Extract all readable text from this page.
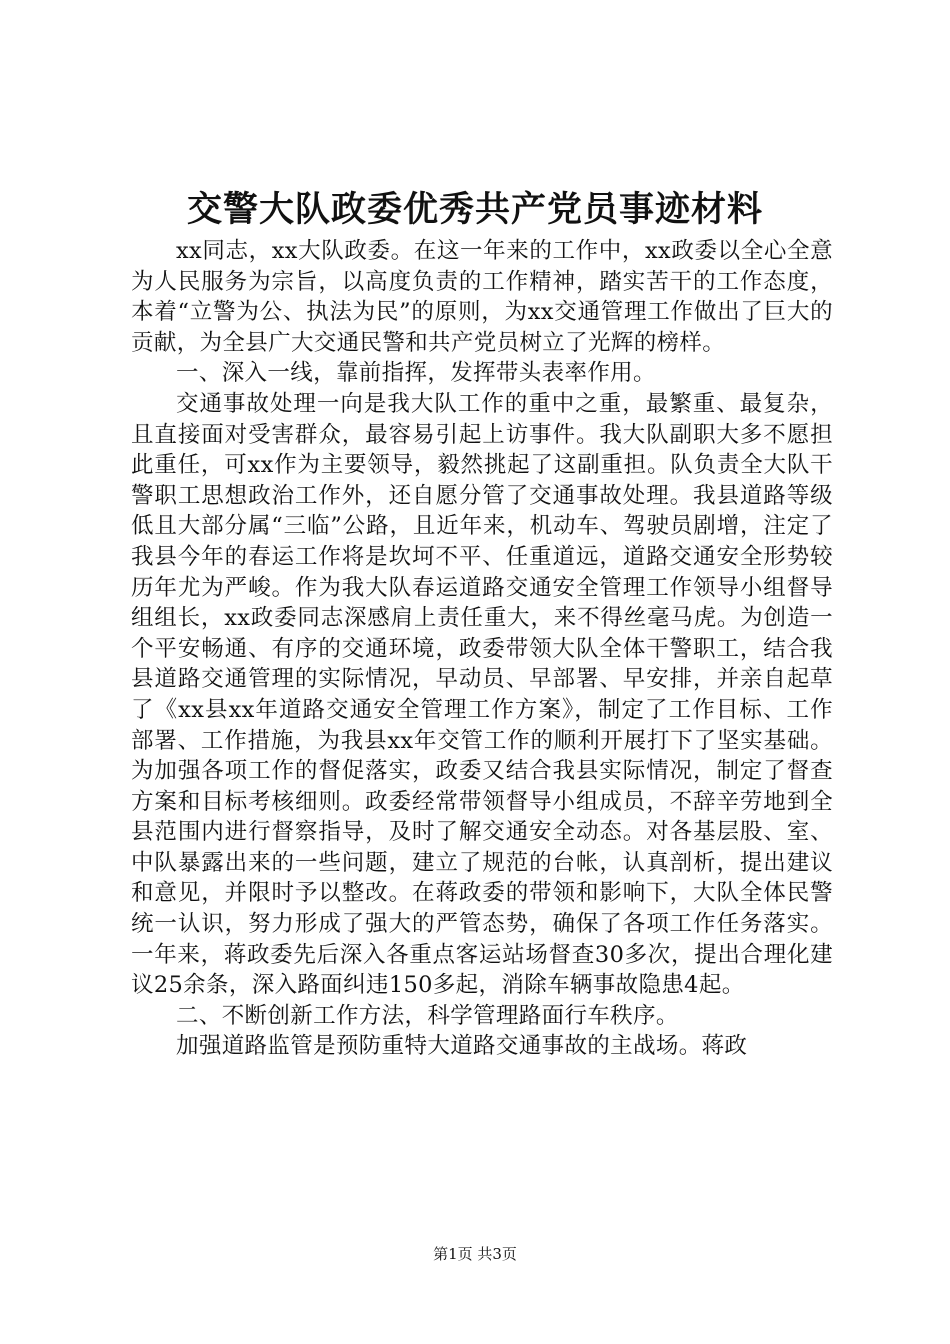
交警大队政委优秀共产党员事迹材料

xx同志，xx大队政委。在这一年来的工作中，xx政委以全心全意为人民服务为宗旨，以高度负责的工作精神，踏实苦干的工作态度，本着“立警为公、执法为民”的原则，为xx交通管理工作做出了巨大的贡献，为全县广大交通民警和共产党员树立了光辉的榜样。

一、深入一线，靠前指挥，发挥带头表率作用。

交通事故处理一向是我大队工作的重中之重，最繁重、最复杂，且直接面对受害群众，最容易引起上访事件。我大队副职大多不愿担此重任，可xx作为主要领导，毅然挑起了这副重担。队负责全大队干警职工思想政治工作外，还自愿分管了交通事故处理。我县道路等级低且大部分属“三临”公路，且近年来，机动车、驾驶员剧增，注定了我县今年的春运工作将是坎坷不平、任重道远，道路交通安全形势较历年尤为严峻。作为我大队春运道路交通安全管理工作领导小组督导组组长，xx政委同志深感肩上责任重大，来不得丝毫马虎。为创造一个平安畅通、有序的交通环境，政委带领大队全体干警职工，结合我县道路交通管理的实际情况，早动员、早部署、早安排，并亲自起草了《xx县xx年道路交通安全管理工作方案》，制定了工作目标、工作部署、工作措施，为我县xx年交管工作的顺利开展打下了坚实基础。为加强各项工作的督促落实，政委又结合我县实际情况，制定了督查方案和目标考核细则。政委经常带领督导小组成员，不辞辛劳地到全县范围内进行督察指导，及时了解交通安全动态。对各基层股、室、中队暴露出来的一些问题，建立了规范的台帐，认真剖析，提出建议和意见，并限时予以整改。在蒋政委的带领和影响下，大队全体民警统一认识，努力形成了强大的严管态势，确保了各项工作任务落实。一年来，蒋政委先后深入各重点客运站场督查30多次，提出合理化建议25余条，深入路面纠违150多起，消除车辆事故隐患4起。

二、不断创新工作方法，科学管理路面行车秩序。

加强道路监管是预防重特大道路交通事故的主战场。蒋政

第1页 共3页
